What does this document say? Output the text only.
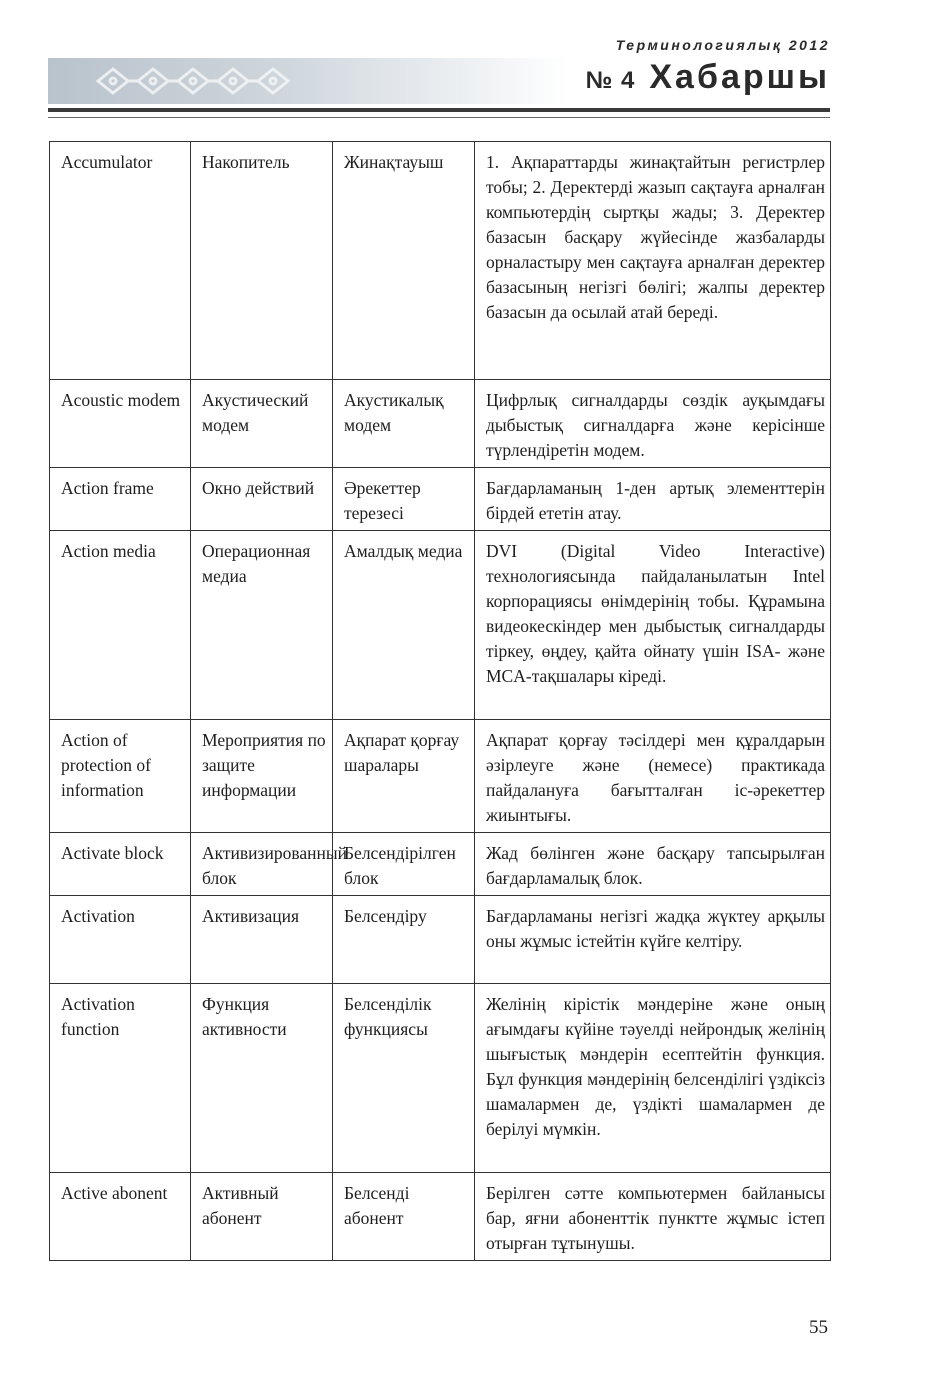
Терминологиялық 2012
№ 4 Хабаршы
Accumulator	Накопитель	Жинақтауыш	1. Ақпараттарды жинақтайтын регистрлер тобы; 2. Деректерді жазып сақтауға арналған компьютердің сыртқы жады; 3. Деректер базасын басқару жүйесінде жазбаларды орналастыру мен сақтауға арналған деректер базасының негізгі бөлігі; жалпы деректер базасын да осылай атай береді.
Acoustic modem	Акустический модем	Акустикалық модем	Цифрлық сигналдарды сөздік ауқымдағы дыбыстық сигналдарға және керісінше түрлендіретін модем.
Action frame	Окно действий	Әрекеттер терезесі	Бағдарламаның 1-ден артық элементтерін бірдей ететін атау.
Action media	Операционная медиа	Амалдық медиа	DVI (Digital Video Interactive) технологиясында пайдаланылатын Intel корпорациясы өнімдерінің тобы. Құрамына видеокескіндер мен дыбыстық сигналдарды тіркеу, өңдеу, қайта ойнату үшін ISA- және MCA-тақшалары кіреді.
Action of protection of information	Мероприятия по защите информации	Ақпарат қорғау шаралары	Ақпарат қорғау тәсілдері мен құралдарын әзірлеуге және (немесе) практикада пайдалануға бағытталған іс-әрекеттер жиынтығы.
Activate block	Активизированный блок	Белсендірілген блок	Жад бөлінген және басқару тапсырылған бағдарламалық блок.
Activation	Активизация	Белсендіру	Бағдарламаны негізгі жадқа жүктеу арқылы оны жұмыс істейтін күйге келтіру.
Activation function	Функция активности	Белсенділік функциясы	Желінің кірістік мәндеріне және оның ағымдағы күйіне тәуелді нейрондық желінің шығыстық мәндерін есептейтін функция. Бұл функция мәндерінің белсенділігі үздіксіз шамалармен де, үздікті шамалармен де берілуі мүмкін.
Active abonent	Активный абонент	Белсенді абонент	Берілген сәтте компьютермен байланысы бар, яғни абоненттік пунктте жұмыс істеп отырған тұтынушы.
55
